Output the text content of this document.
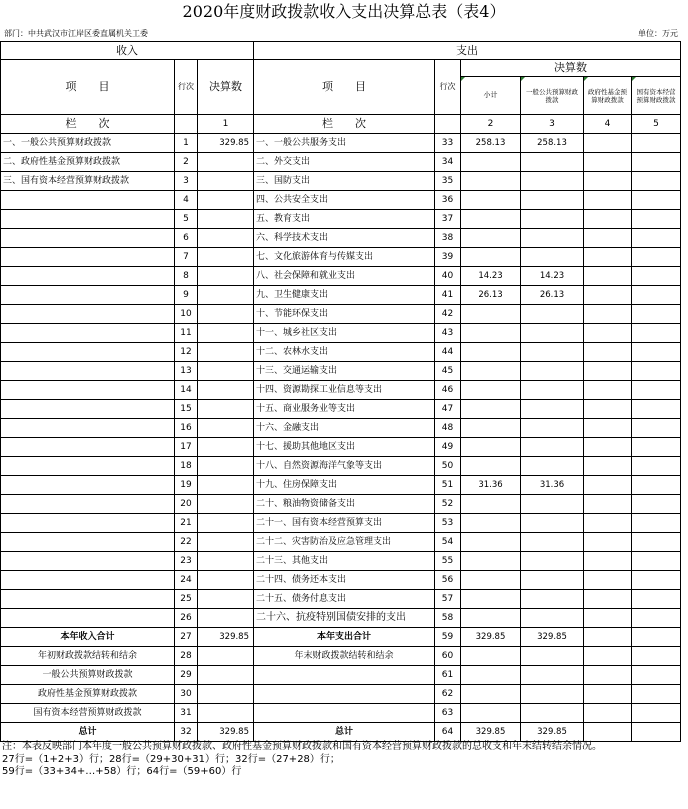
2020年度财政拨款收入支出决算总表（表4）
部门：中共武汉市江岸区委直属机关工委	单位：万元
收入			支出					
项　　目	行次	决算数	项　　目	行次	决算数			
					小计	一般公共预算财政拨款	政府性基金预算财政拨款	国有资本经营预算财政拨款
栏　　次		1	栏　　次		2	3	4	5
一、一般公共预算财政拨款	1	329.85	一、一般公共服务支出	33	258.13	258.13		
二、政府性基金预算财政拨款	2		二、外交支出	34				
三、国有资本经营预算财政拨款	3		三、国防支出	35				
	4		四、公共安全支出	36				
	5		五、教育支出	37				
	6		六、科学技术支出	38				
	7		七、文化旅游体育与传媒支出	39				
	8		八、社会保障和就业支出	40	14.23	14.23		
	9		九、卫生健康支出	41	26.13	26.13		
	10		十、节能环保支出	42				
	11		十一、城乡社区支出	43				
	12		十二、农林水支出	44				
	13		十三、交通运输支出	45				
	14		十四、资源勘探工业信息等支出	46				
	15		十五、商业服务业等支出	47				
	16		十六、金融支出	48				
	17		十七、援助其他地区支出	49				
	18		十八、自然资源海洋气象等支出	50				
	19		十九、住房保障支出	51	31.36	31.36		
	20		二十、粮油物资储备支出	52				
	21		二十一、国有资本经营预算支出	53				
	22		二十二、灾害防治及应急管理支出	54				
	23		二十三、其他支出	55				
	24		二十四、债务还本支出	56				
	25		二十五、债务付息支出	57				
	26		二十六、抗疫特别国债安排的支出	58				
本年收入合计	27	329.85	本年支出合计	59	329.85	329.85		
年初财政拨款结转和结余	28		年末财政拨款结转和结余	60				
一般公共预算财政拨款	29			61				
政府性基金预算财政拨款	30			62				
国有资本经营预算财政拨款	31			63				
总计	32	329.85	总计	64	329.85	329.85		
注：本表反映部门本年度一般公共预算财政拨款、政府性基金预算财政拨款和国有资本经营预算财政拨款的总收支和年末结转结余情况。
27行=（1+2+3）行；28行=（29+30+31）行；32行=（27+28）行；
59行=（33+34+…+58）行；64行=（59+60）行
